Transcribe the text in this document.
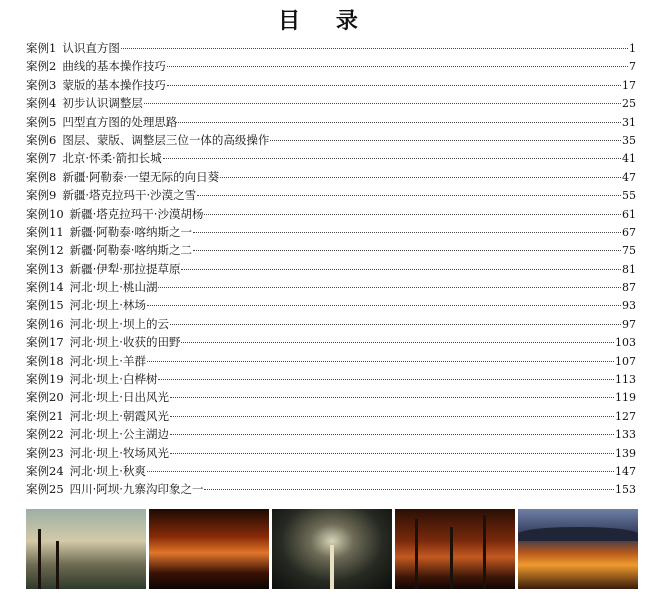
目 录
案例1 认识直方图	1
案例2 曲线的基本操作技巧	7
案例3 蒙版的基本操作技巧	17
案例4 初步认识调整层	25
案例5 凹型直方图的处理思路	31
案例6 图层、蒙版、调整层三位一体的高级操作	35
案例7 北京·怀柔·箭扣长城	41
案例8 新疆·阿勒泰·一望无际的向日葵	47
案例9 新疆·塔克拉玛干·沙漠之雪	55
案例10 新疆·塔克拉玛干·沙漠胡杨	61
案例11 新疆·阿勒泰·喀纳斯之一	67
案例12 新疆·阿勒泰·喀纳斯之二	75
案例13 新疆·伊犁·那拉提草原	81
案例14 河北·坝上·桃山湖	87
案例15 河北·坝上·林场	93
案例16 河北·坝上·坝上的云	97
案例17 河北·坝上·收获的田野	103
案例18 河北·坝上·羊群	107
案例19 河北·坝上·白桦树	113
案例20 河北·坝上·日出风光	119
案例21 河北·坝上·朝霞风光	127
案例22 河北·坝上·公主湖边	133
案例23 河北·坝上·牧场风光	139
案例24 河北·坝上·秋爽	147
案例25 四川·阿坝·九寨沟印象之一	153
